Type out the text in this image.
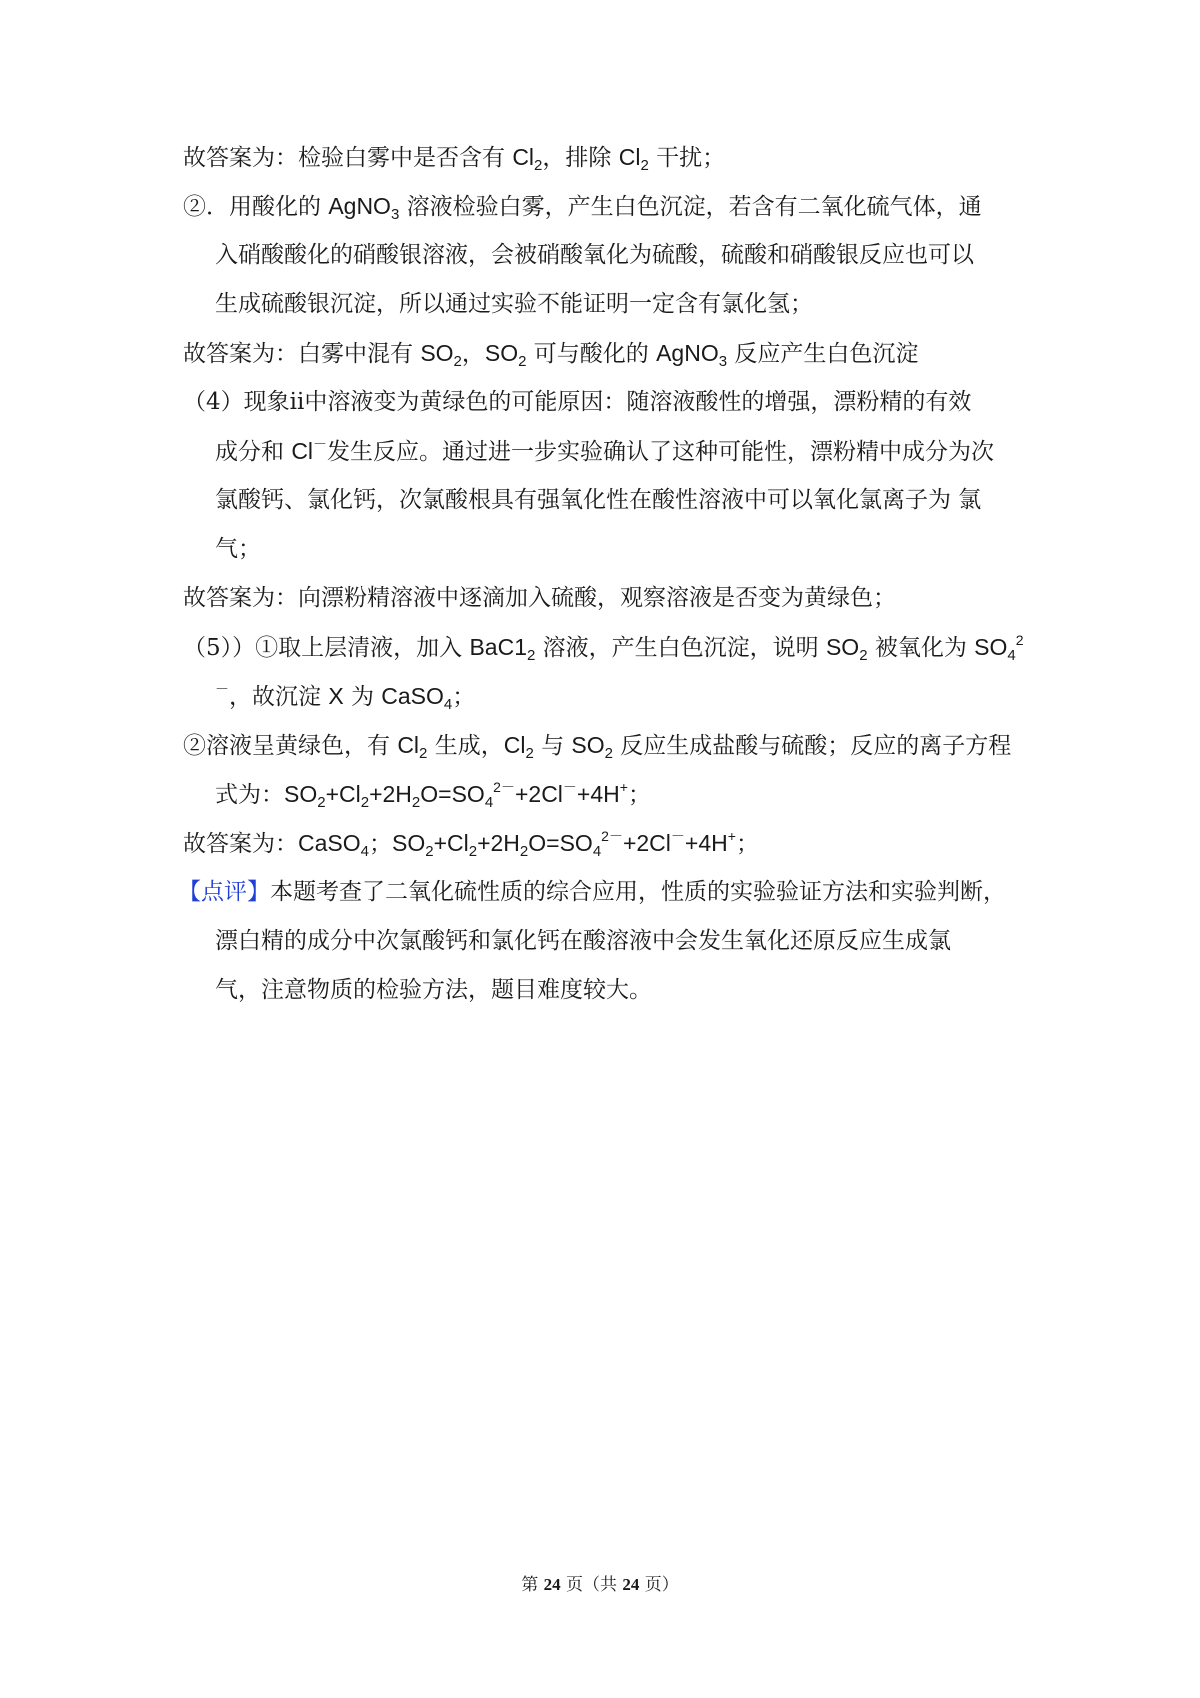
故答案为：检验白雾中是否含有 $Cl_2$，排除 $Cl_2$ 干扰；
②．用酸化的 AgNO$_3$ 溶液检验白雾，产生白色沉淀，若含有二氧化硫气体，通
入硝酸酸化的硝酸银溶液，会被硝酸氧化为硫酸，硫酸和硝酸银反应也可以
生成硫酸银沉淀，所以通过实验不能证明一定含有氯化氢；
故答案为：白雾中混有 $SO_2$，$SO_2$ 可与酸化的 AgNO$_3$ 反应产生白色沉淀
（4）现象ⅱ中溶液变为黄绿色的可能原因：随溶液酸性的增强，漂粉精的有效
成分和 Cl－发生反应。通过进一步实验确认了这种可能性，漂粉精中成分为次
氯酸钙、氯化钙，次氯酸根具有强氧化性在酸性溶液中可以氧化氯离子为 氯
气；
故答案为：向漂粉精溶液中逐滴加入硫酸，观察溶液是否变为黄绿色；
（5））①取上层清液，加入 $BaC1_2$ 溶液，产生白色沉淀，说明 $SO_2$ 被氧化为 $SO_4^2$
－，故沉淀 X 为 CaSO$_4$；
②溶液呈黄绿色，有 $Cl_2$ 生成，$Cl_2$ 与 $SO_2$ 反应生成盐酸与硫酸；反应的离子方程
式为：$SO_2+Cl_2+2H_2O=SO_4^{2-}+2Cl^-+4H^+$；
故答案为：CaSO$_4$；$SO_2+Cl_2+2H_2O=SO_4^{2-}+2Cl^-+4H^+$；
【点评】本题考查了二氧化硫性质的综合应用，性质的实验验证方法和实验判断，
漂白精的成分中次氯酸钙和氯化钙在酸溶液中会发生氧化还原反应生成氯
气，注意物质的检验方法，题目难度较大。
第 24 页（共 24 页）
